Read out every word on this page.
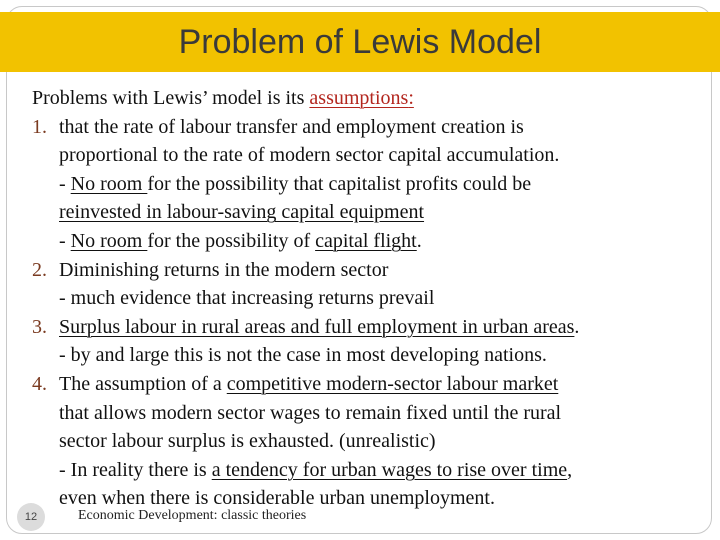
Problem of Lewis Model
Problems with Lewis’ model is its assumptions:
1. that the rate of labour transfer and employment creation is
proportional to the rate of modern sector capital accumulation.
- No room for the possibility that capitalist profits could be
reinvested in labour-saving capital equipment
- No room for the possibility of capital flight.
2. Diminishing returns in the modern sector
- much evidence that increasing returns prevail
3. Surplus labour in rural areas and full employment in urban areas.
- by and large this is not the case in most developing nations.
4. The assumption of a competitive modern-sector labour market
that allows modern sector wages to remain fixed until the rural
sector labour surplus is exhausted. (unrealistic)
- In reality there is a tendency for urban wages to rise over time,
even when there is considerable urban unemployment.
12	Economic Development: classic theories
